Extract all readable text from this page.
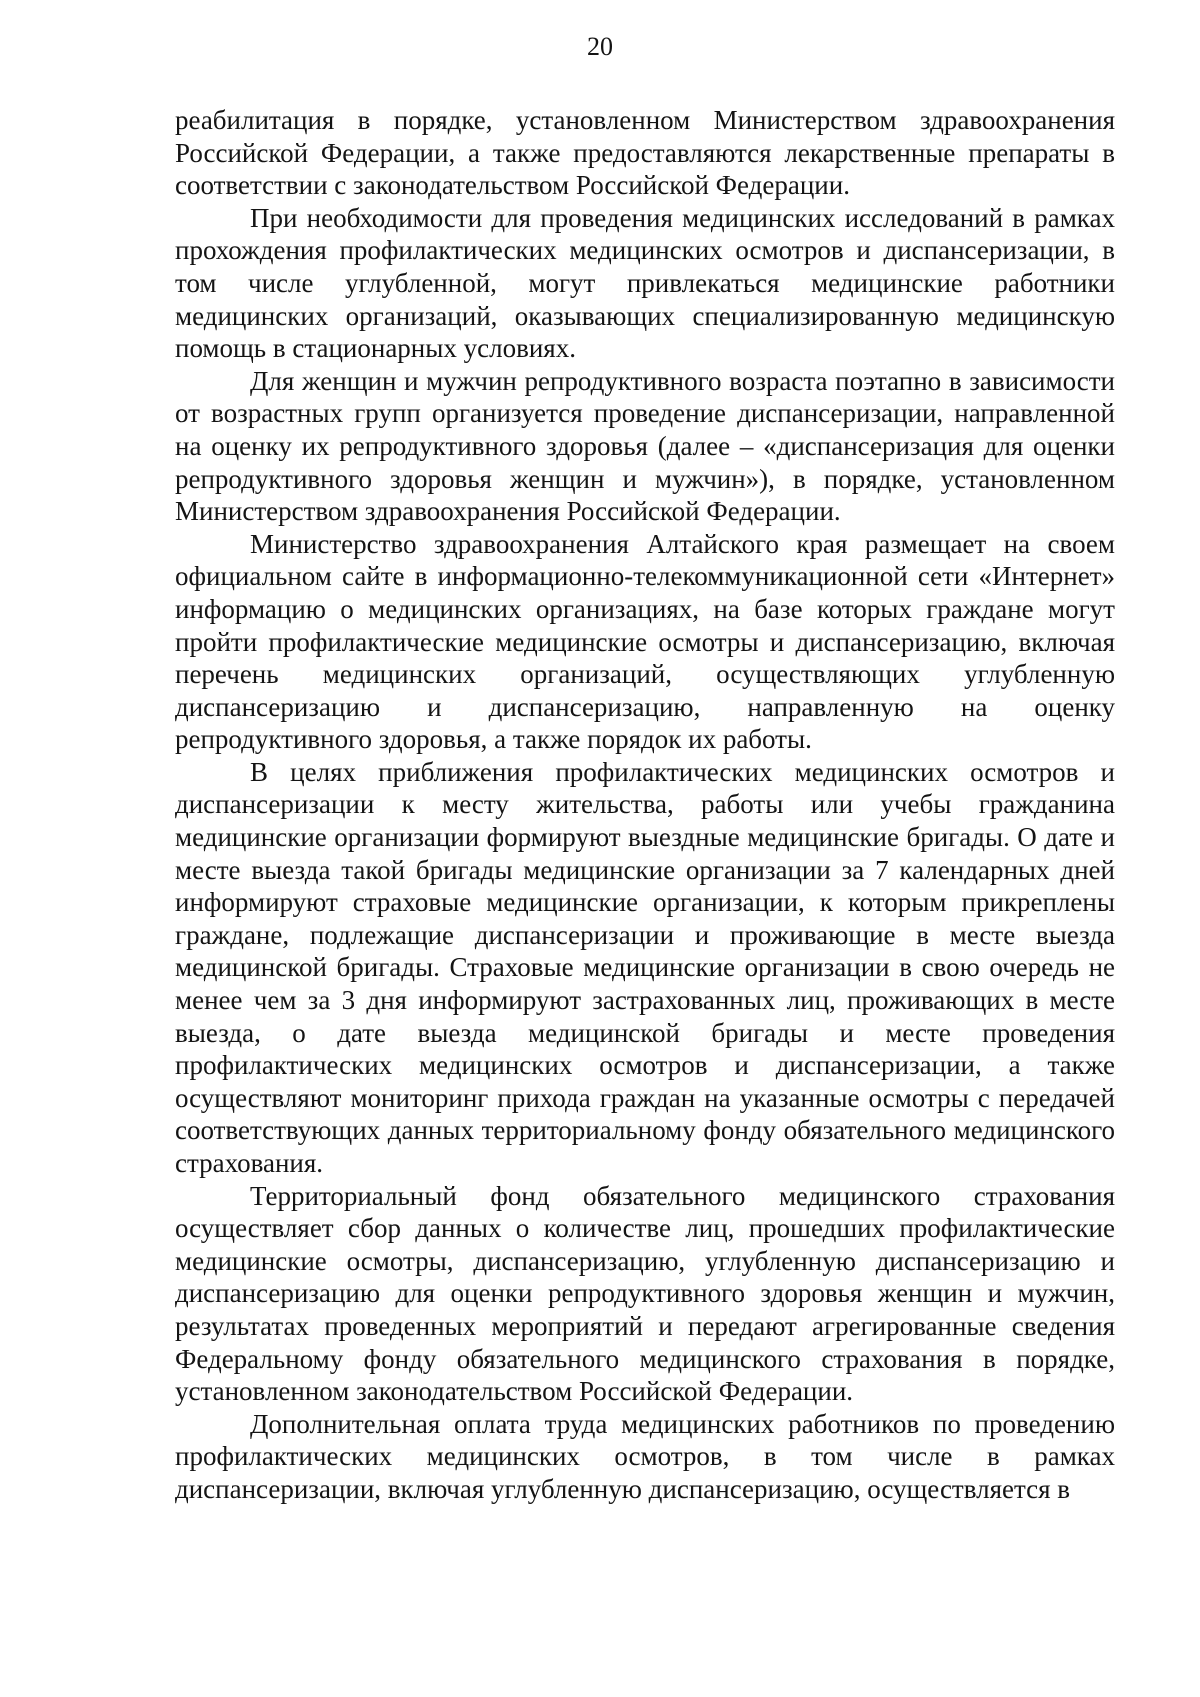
20

реабилитация в порядке, установленном Министерством здравоохранения Российской Федерации, а также предоставляются лекарственные препараты в соответствии с законодательством Российской Федерации.

При необходимости для проведения медицинских исследований в рамках прохождения профилактических медицинских осмотров и диспансеризации, в том числе углубленной, могут привлекаться медицинские работники медицинских организаций, оказывающих специализированную медицинскую помощь в стационарных условиях.

Для женщин и мужчин репродуктивного возраста поэтапно в зависимости от возрастных групп организуется проведение диспансеризации, направленной на оценку их репродуктивного здоровья (далее – «диспансеризация для оценки репродуктивного здоровья женщин и мужчин»), в порядке, установленном Министерством здравоохранения Российской Федерации.

Министерство здравоохранения Алтайского края размещает на своем официальном сайте в информационно-телекоммуникационной сети «Интернет» информацию о медицинских организациях, на базе которых граждане могут пройти профилактические медицинские осмотры и диспансеризацию, включая перечень медицинских организаций, осуществляющих углубленную диспансеризацию и диспансеризацию, направленную на оценку репродуктивного здоровья, а также порядок их работы.

В целях приближения профилактических медицинских осмотров и диспансеризации к месту жительства, работы или учебы гражданина медицинские организации формируют выездные медицинские бригады. О дате и месте выезда такой бригады медицинские организации за 7 календарных дней информируют страховые медицинские организации, к которым прикреплены граждане, подлежащие диспансеризации и проживающие в месте выезда медицинской бригады. Страховые медицинские организации в свою очередь не менее чем за 3 дня информируют застрахованных лиц, проживающих в месте выезда, о дате выезда медицинской бригады и месте проведения профилактических медицинских осмотров и диспансеризации, а также осуществляют мониторинг прихода граждан на указанные осмотры с передачей соответствующих данных территориальному фонду обязательного медицинского страхования.

Территориальный фонд обязательного медицинского страхования осуществляет сбор данных о количестве лиц, прошедших профилактические медицинские осмотры, диспансеризацию, углубленную диспансеризацию и диспансеризацию для оценки репродуктивного здоровья женщин и мужчин, результатах проведенных мероприятий и передают агрегированные сведения Федеральному фонду обязательного медицинского страхования в порядке, установленном законодательством Российской Федерации.

Дополнительная оплата труда медицинских работников по проведению профилактических медицинских осмотров, в том числе в рамках диспансеризации, включая углубленную диспансеризацию, осуществляется в
